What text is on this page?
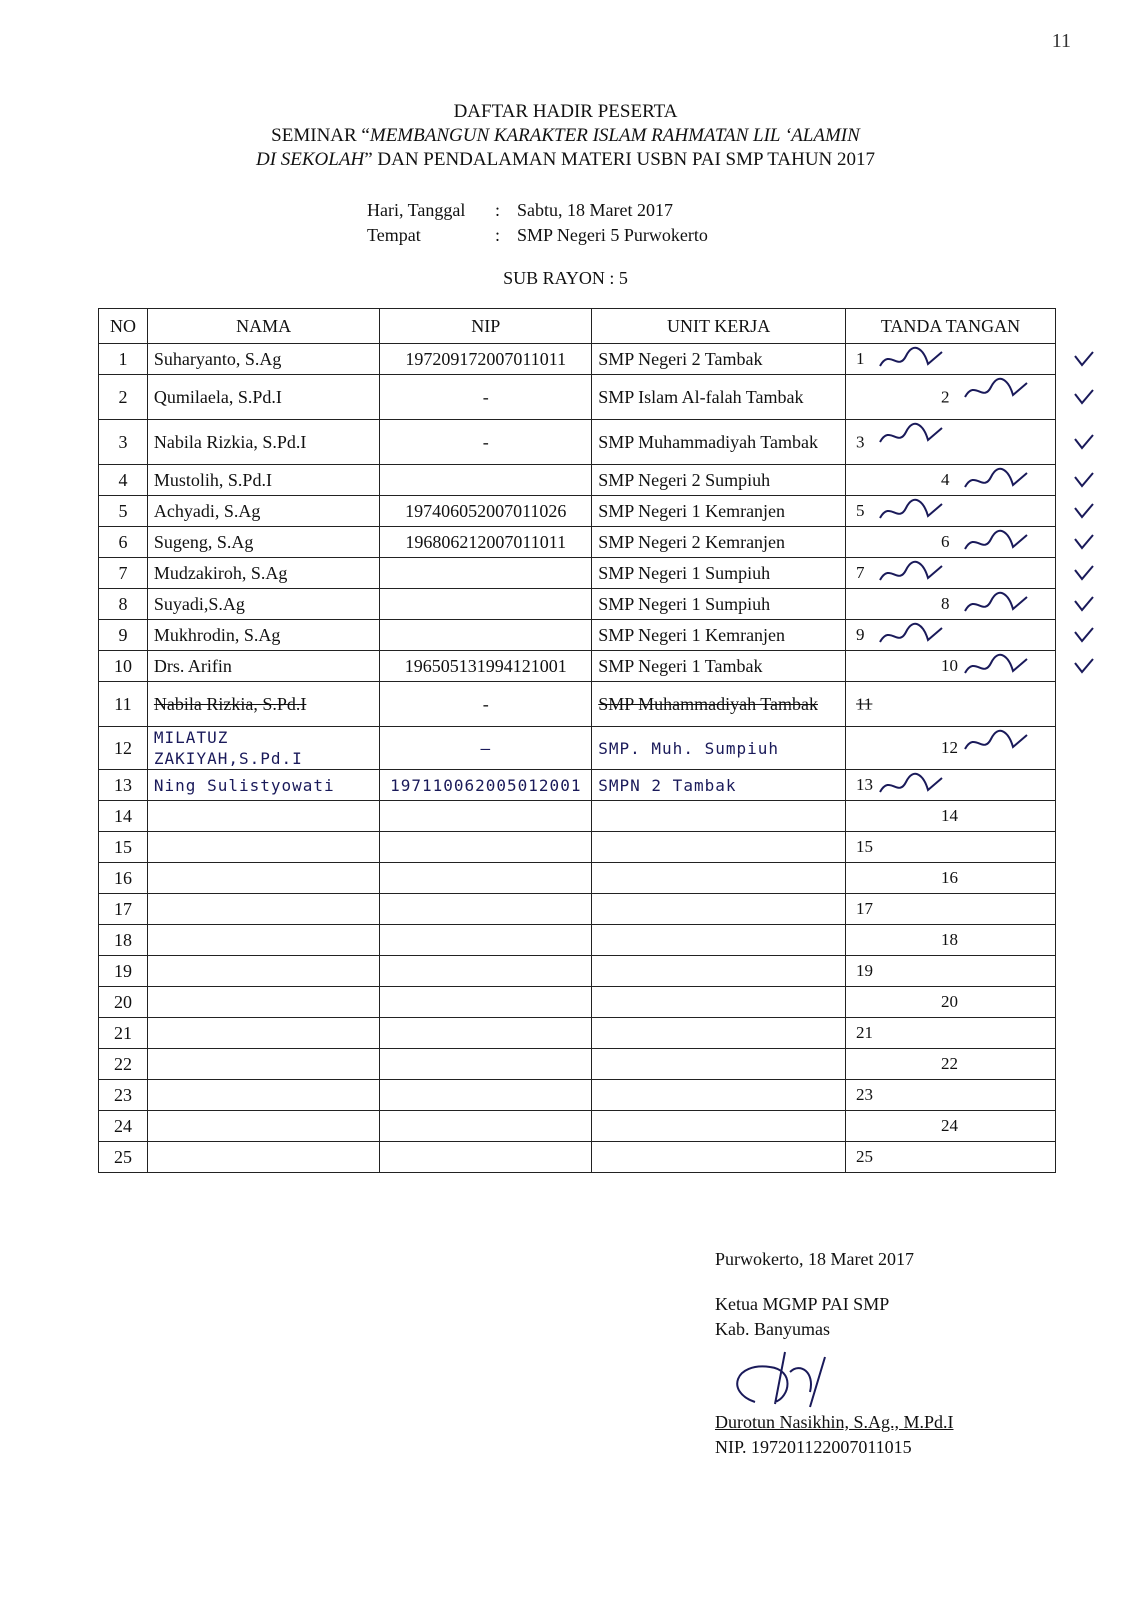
11
DAFTAR HADIR PESERTA
SEMINAR “MEMBANGUN KARAKTER ISLAM RAHMATAN LIL ‘ALAMIN
DI SEKOLAH” DAN PENDALAMAN MATERI USBN PAI SMP TAHUN 2017
Hari, Tanggal	: Sabtu, 18 Maret 2017
Tempat	: SMP Negeri 5 Purwokerto
SUB RAYON : 5
NO	NAMA	NIP	UNIT KERJA	TANDA TANGAN
1	Suharyanto, S.Ag	197209172007011011	SMP Negeri 2 Tambak	1

2	Qumilaela, S.Pd.I	-	SMP Islam Al-falah Tambak	2

3	Nabila Rizkia, S.Pd.I	-	SMP Muhammadiyah Tambak	3

4	Mustolih, S.Pd.I		SMP Negeri 2 Sumpiuh	4

5	Achyadi, S.Ag	197406052007011026	SMP Negeri 1 Kemranjen	5

6	Sugeng, S.Ag	196806212007011011	SMP Negeri 2 Kemranjen	6

7	Mudzakiroh, S.Ag		SMP Negeri 1 Sumpiuh	7

8	Suyadi,S.Ag		SMP Negeri 1 Sumpiuh	8

9	Mukhrodin, S.Ag		SMP Negeri 1 Kemranjen	9

10	Drs. Arifin	196505131994121001	SMP Negeri 1 Tambak	10

11	Nabila Rizkia, S.Pd.I	-	SMP Muhammadiyah Tambak	11

12	MILATUZ ZAKIYAH,S.Pd.I	—	SMP. Muh. Sumpiuh	12

13	Ning Sulistyowati	197110062005012001	SMPN 2 Tambak	13

14				14

15				15

16				16

17				17

18				18

19				19

20				20

21				21

22				22

23				23

24				24

25				25
Purwokerto, 18 Maret 2017
Ketua MGMP PAI SMP
Kab. Banyumas
Durotun Nasikhin, S.Ag., M.Pd.I
NIP. 197201122007011015
